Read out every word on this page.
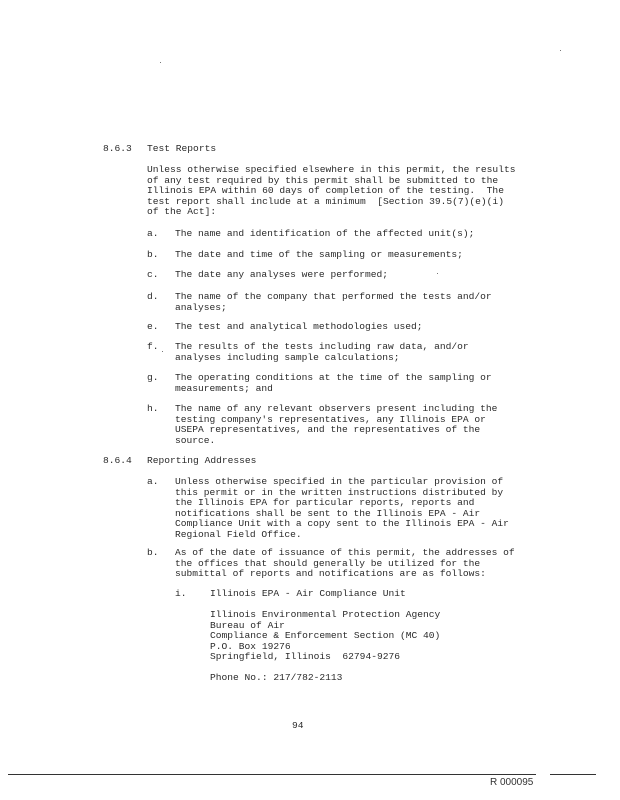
8.6.3 Test Reports
Unless otherwise specified elsewhere in this permit, the results
of any test required by this permit shall be submitted to the
Illinois EPA within 60 days of completion of the testing.  The
test report shall include at a minimum  [Section 39.5(7)(e)(i)
of the Act]:
a. The name and identification of the affected unit(s);
b. The date and time of the sampling or measurements;
c. The date any analyses were performed;
d. The name of the company that performed the tests and/or
analyses;
e. The test and analytical methodologies used;
f. The results of the tests including raw data, and/or
analyses including sample calculations;
g. The operating conditions at the time of the sampling or
measurements; and
h. The name of any relevant observers present including the
testing company's representatives, any Illinois EPA or
USEPA representatives, and the representatives of the
source.
8.6.4 Reporting Addresses
a. Unless otherwise specified in the particular provision of
this permit or in the written instructions distributed by
the Illinois EPA for particular reports, reports and
notifications shall be sent to the Illinois EPA - Air
Compliance Unit with a copy sent to the Illinois EPA - Air
Regional Field Office.
b. As of the date of issuance of this permit, the addresses of
the offices that should generally be utilized for the
submittal of reports and notifications are as follows:
i. Illinois EPA - Air Compliance Unit
Illinois Environmental Protection Agency
Bureau of Air
Compliance & Enforcement Section (MC 40)
P.O. Box 19276
Springfield, Illinois  62794-9276
Phone No.: 217/782-2113
94
R 000095
